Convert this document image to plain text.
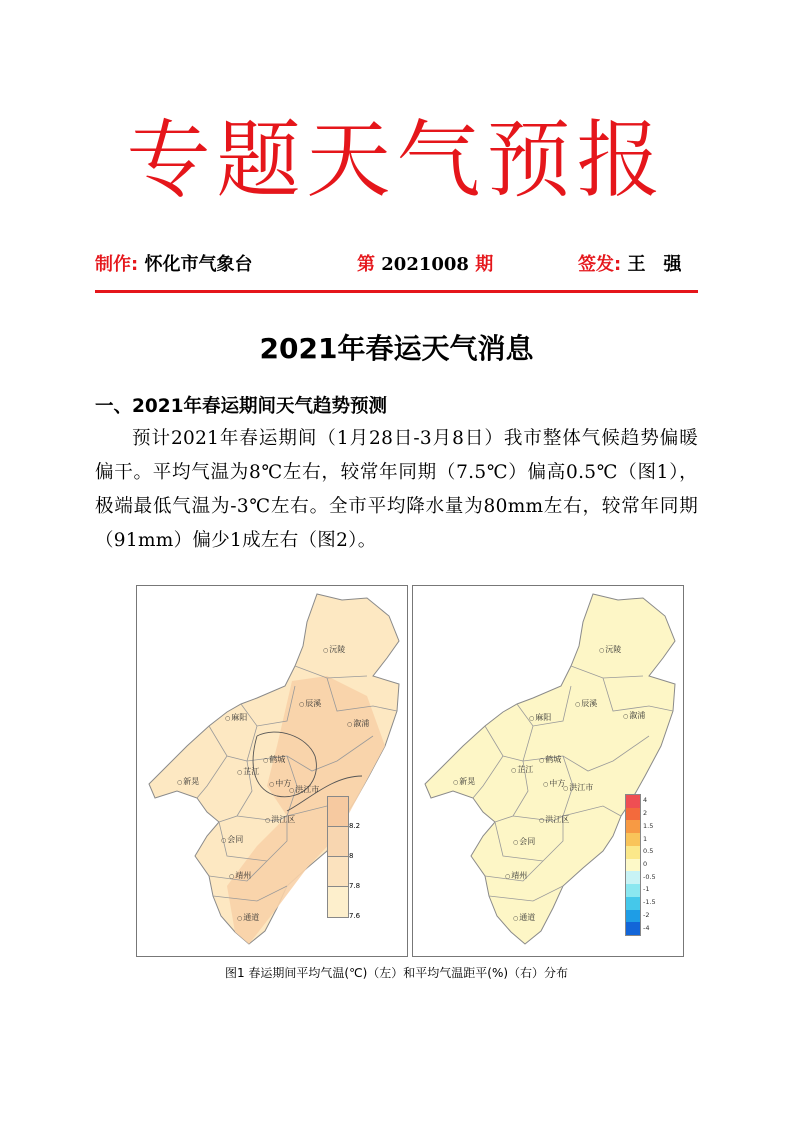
专题天气预报
制作: 怀化市气象台	第 2021008 期	签发: 王　强
2021年春运天气消息
一、2021年春运期间天气趋势预测
预计2021年春运期间（1月28日-3月8日）我市整体气候趋势偏暖偏干。平均气温为8℃左右，较常年同期（7.5℃）偏高0.5℃（图1），极端最低气温为-3℃左右。全市平均降水量为80mm左右，较常年同期（91mm）偏少1成左右（图2）。
8.2
8
7.8
7.6
○沅陵
○辰溪
○溆浦
○麻阳
○鹤城
○芷江
○中方
○新晃
○洪江市
○洪江区
○会同
○靖州
○通道
4
2
1.5
1
0.5
0
-0.5
-1
-1.5
-2
-4
○沅陵
○辰溪
○溆浦
○麻阳
○鹤城
○芷江
○中方
○新晃
○洪江市
○洪江区
○会同
○靖州
○通道
图1 春运期间平均气温(℃)（左）和平均气温距平(%)（右）分布
